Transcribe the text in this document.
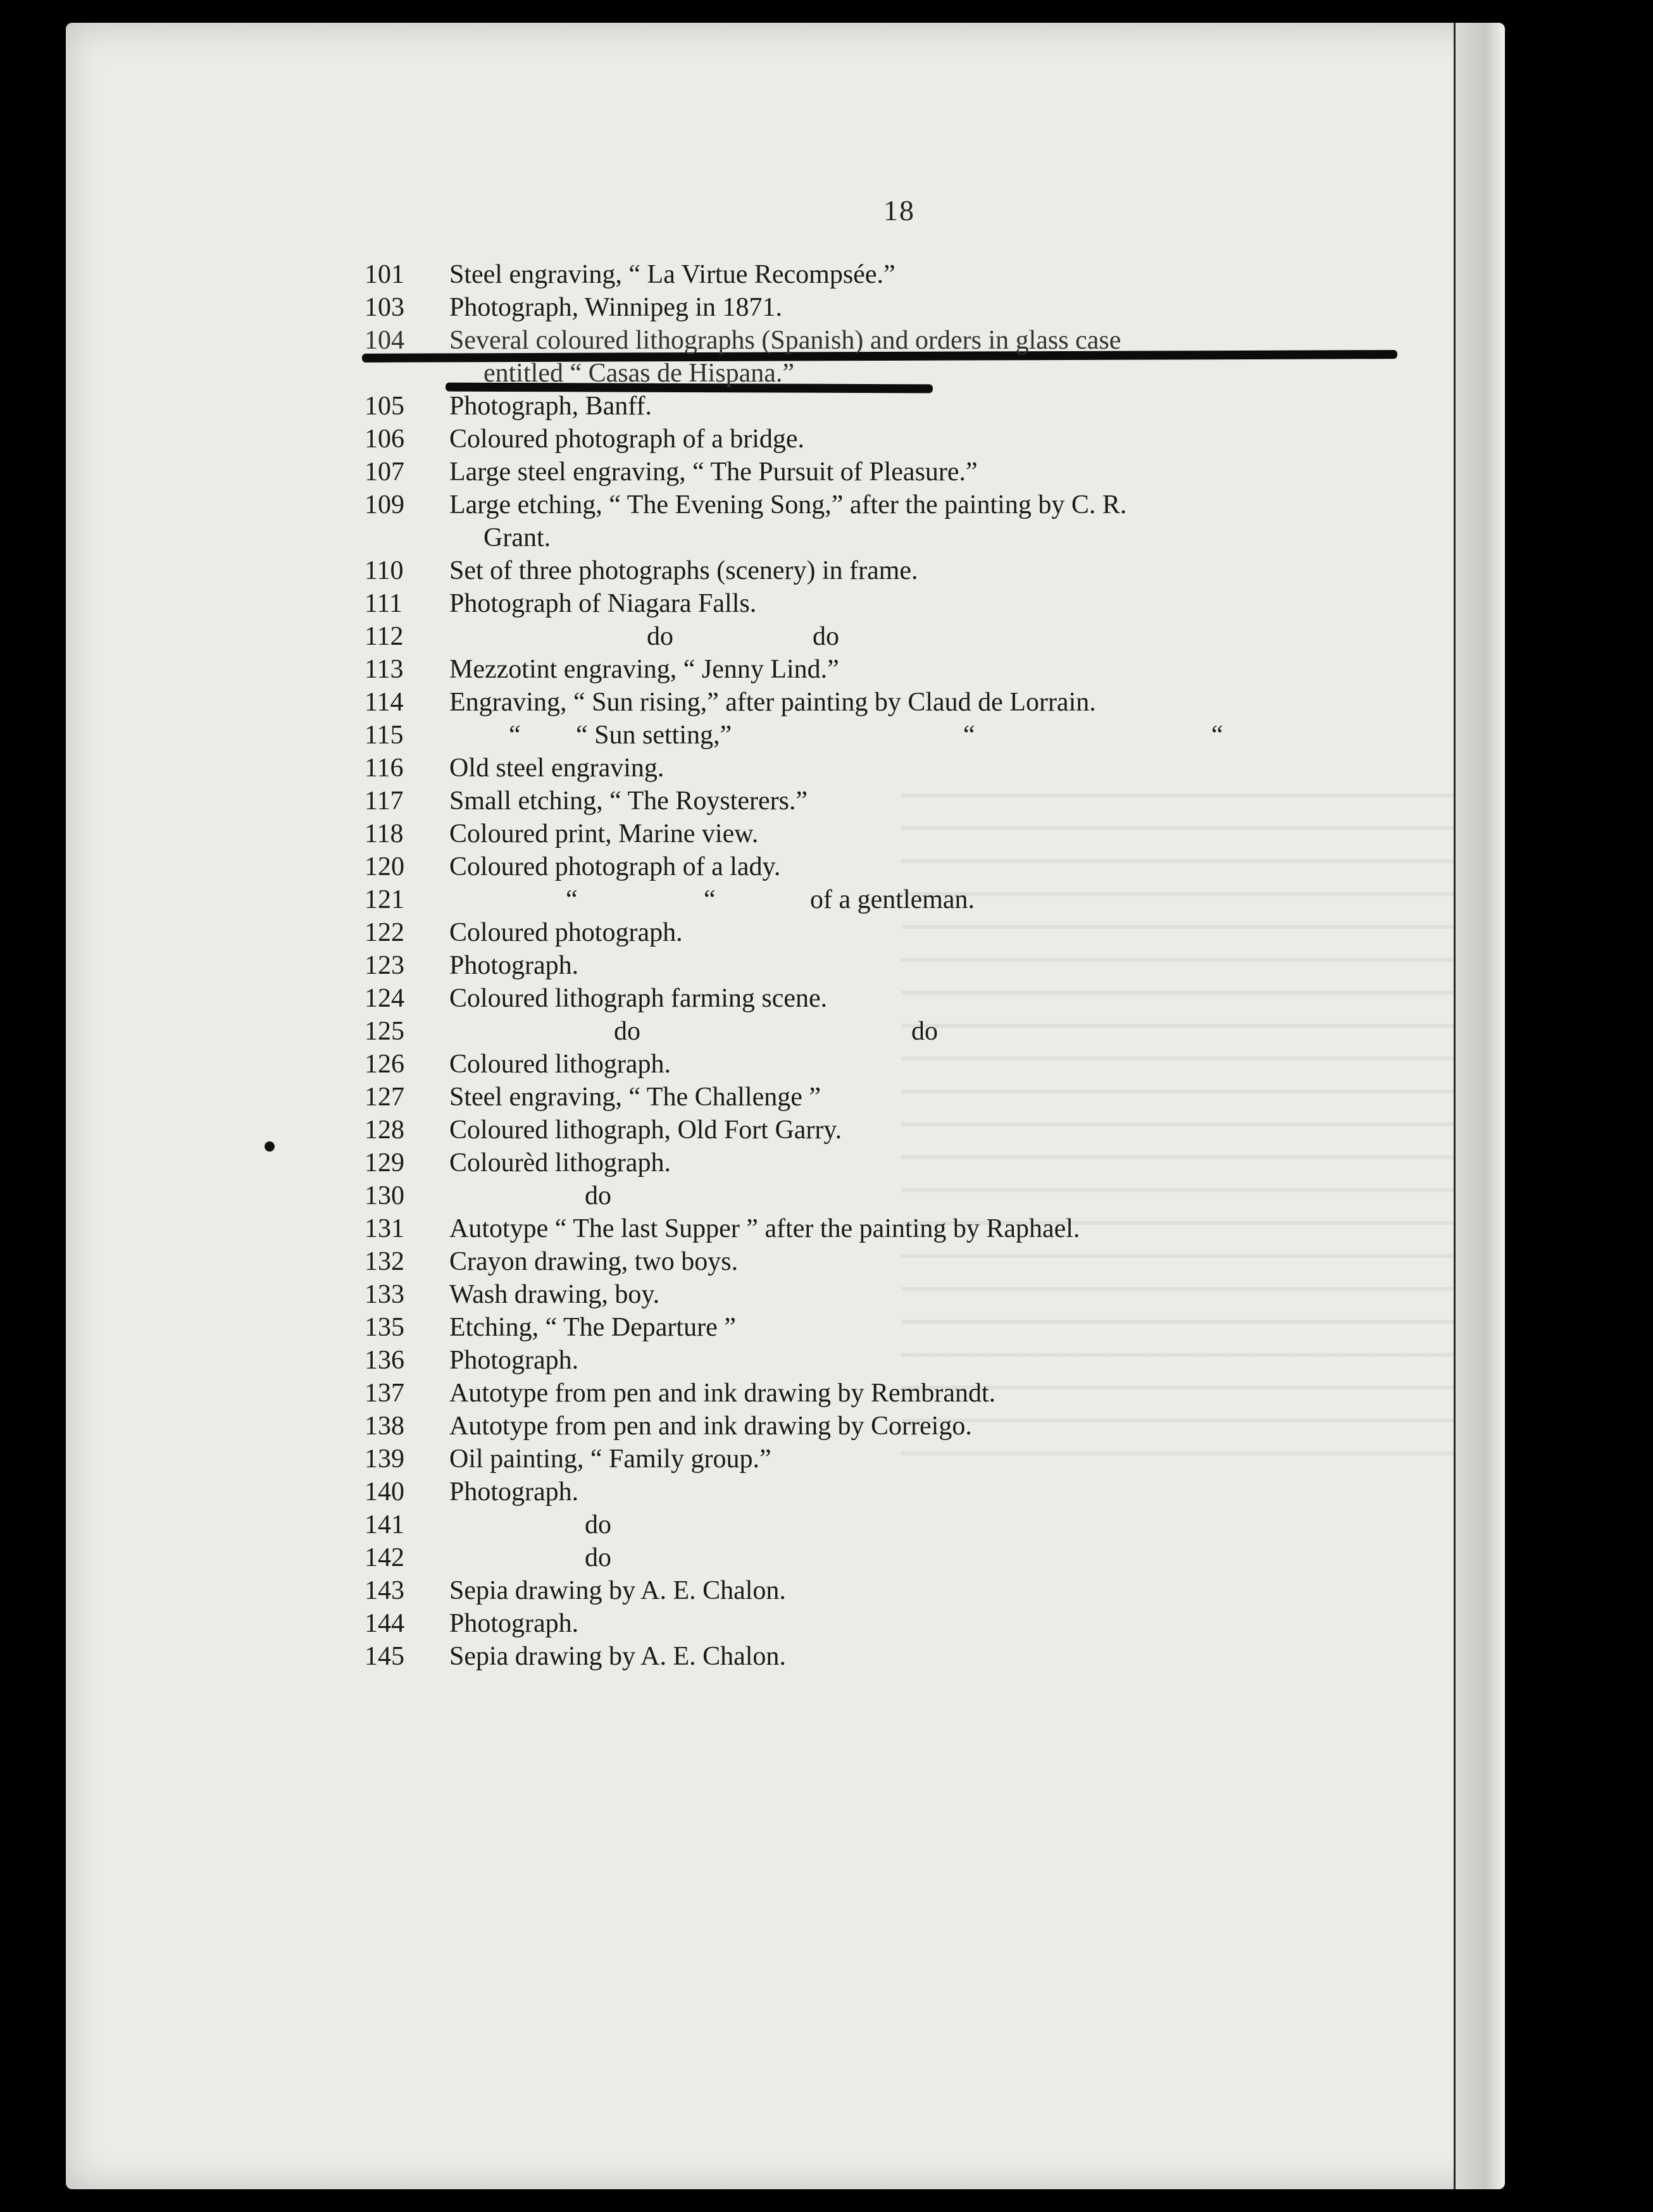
18
101	Steel engraving, “ La Virtue Recompsée.”
103	Photograph, Winnipeg in 1871.
104	Several coloured lithographs (Spanish) and orders in glass case
entitled “ Casas de Hispana.”
105	Photograph, Banff.
106	Coloured photograph of a bridge.
107	Large steel engraving, “ The Pursuit of Pleasure.”
109	Large etching, “ The Evening Song,” after the painting by C. R.
Grant.
110	Set of three photographs (scenery) in frame.
111	Photograph of Niagara Falls.
112	do	do
113	Mezzotint engraving, “ Jenny Lind.”
114	Engraving, “ Sun rising,” after painting by Claud de Lorrain.
115	“ “ Sun setting,”	“	“
116	Old steel engraving.
117	Small etching, “ The Roysterers.”
118	Coloured print, Marine view.
120	Coloured photograph of a lady.
121	“	“	of a gentleman.
122	Coloured photograph.
123	Photograph.
124	Coloured lithograph farming scene.
125	do	do
126	Coloured lithograph.
127	Steel engraving, “ The Challenge ”
128	Coloured lithograph, Old Fort Garry.
129	Colourèd lithograph.
130	do
131	Autotype “ The last Supper ” after the painting by Raphael.
132	Crayon drawing, two boys.
133	Wash drawing, boy.
135	Etching, “ The Departure ”
136	Photograph.
137	Autotype from pen and ink drawing by Rembrandt.
138	Autotype from pen and ink drawing by Correigo.
139	Oil painting, “ Family group.”
140	Photograph.
141	do
142	do
143	Sepia drawing by A. E. Chalon.
144	Photograph.
145	Sepia drawing by A. E. Chalon.
